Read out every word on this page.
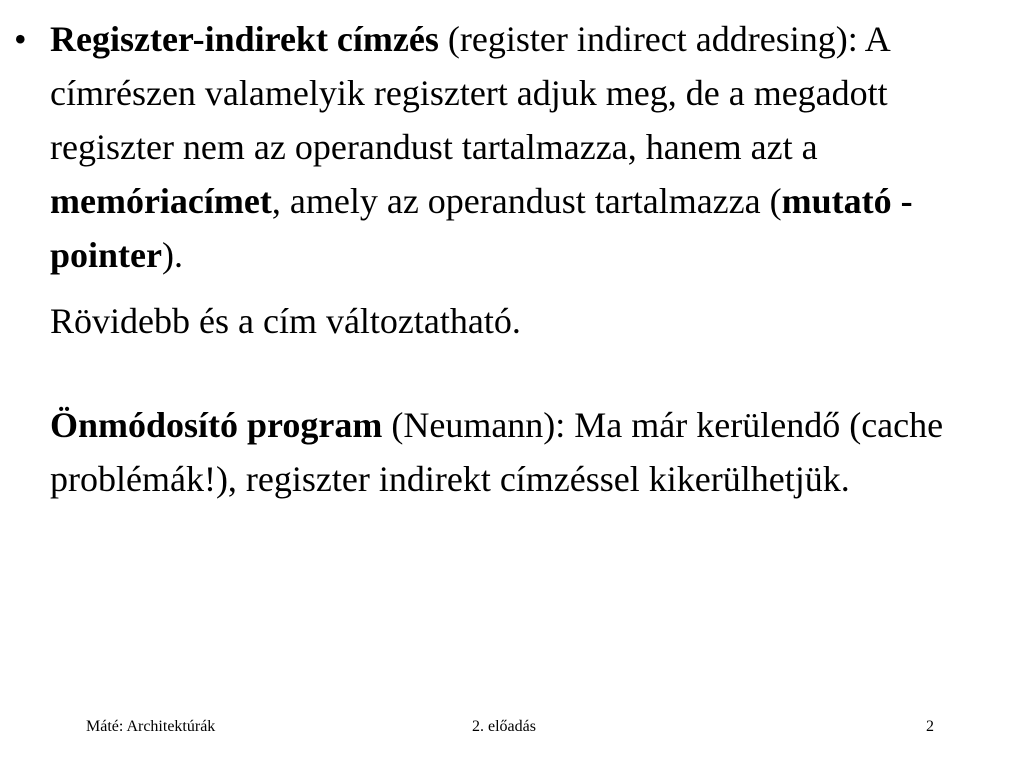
• Regiszter-indirekt címzés (register indirect addresing): A címrészen valamelyik regisztert adjuk meg, de a megadott regiszter nem az operandust tartalmazza, hanem azt a memóriacímet, amely az operandust tartalmazza (mutató - pointer).

Rövidebb és a cím változtatható.

Önmódosító program (Neumann): Ma már kerülendő (cache problémák!), regiszter indirekt címzéssel kikerülhetjük.

Máté: Architektúrák	2. előadás	2
